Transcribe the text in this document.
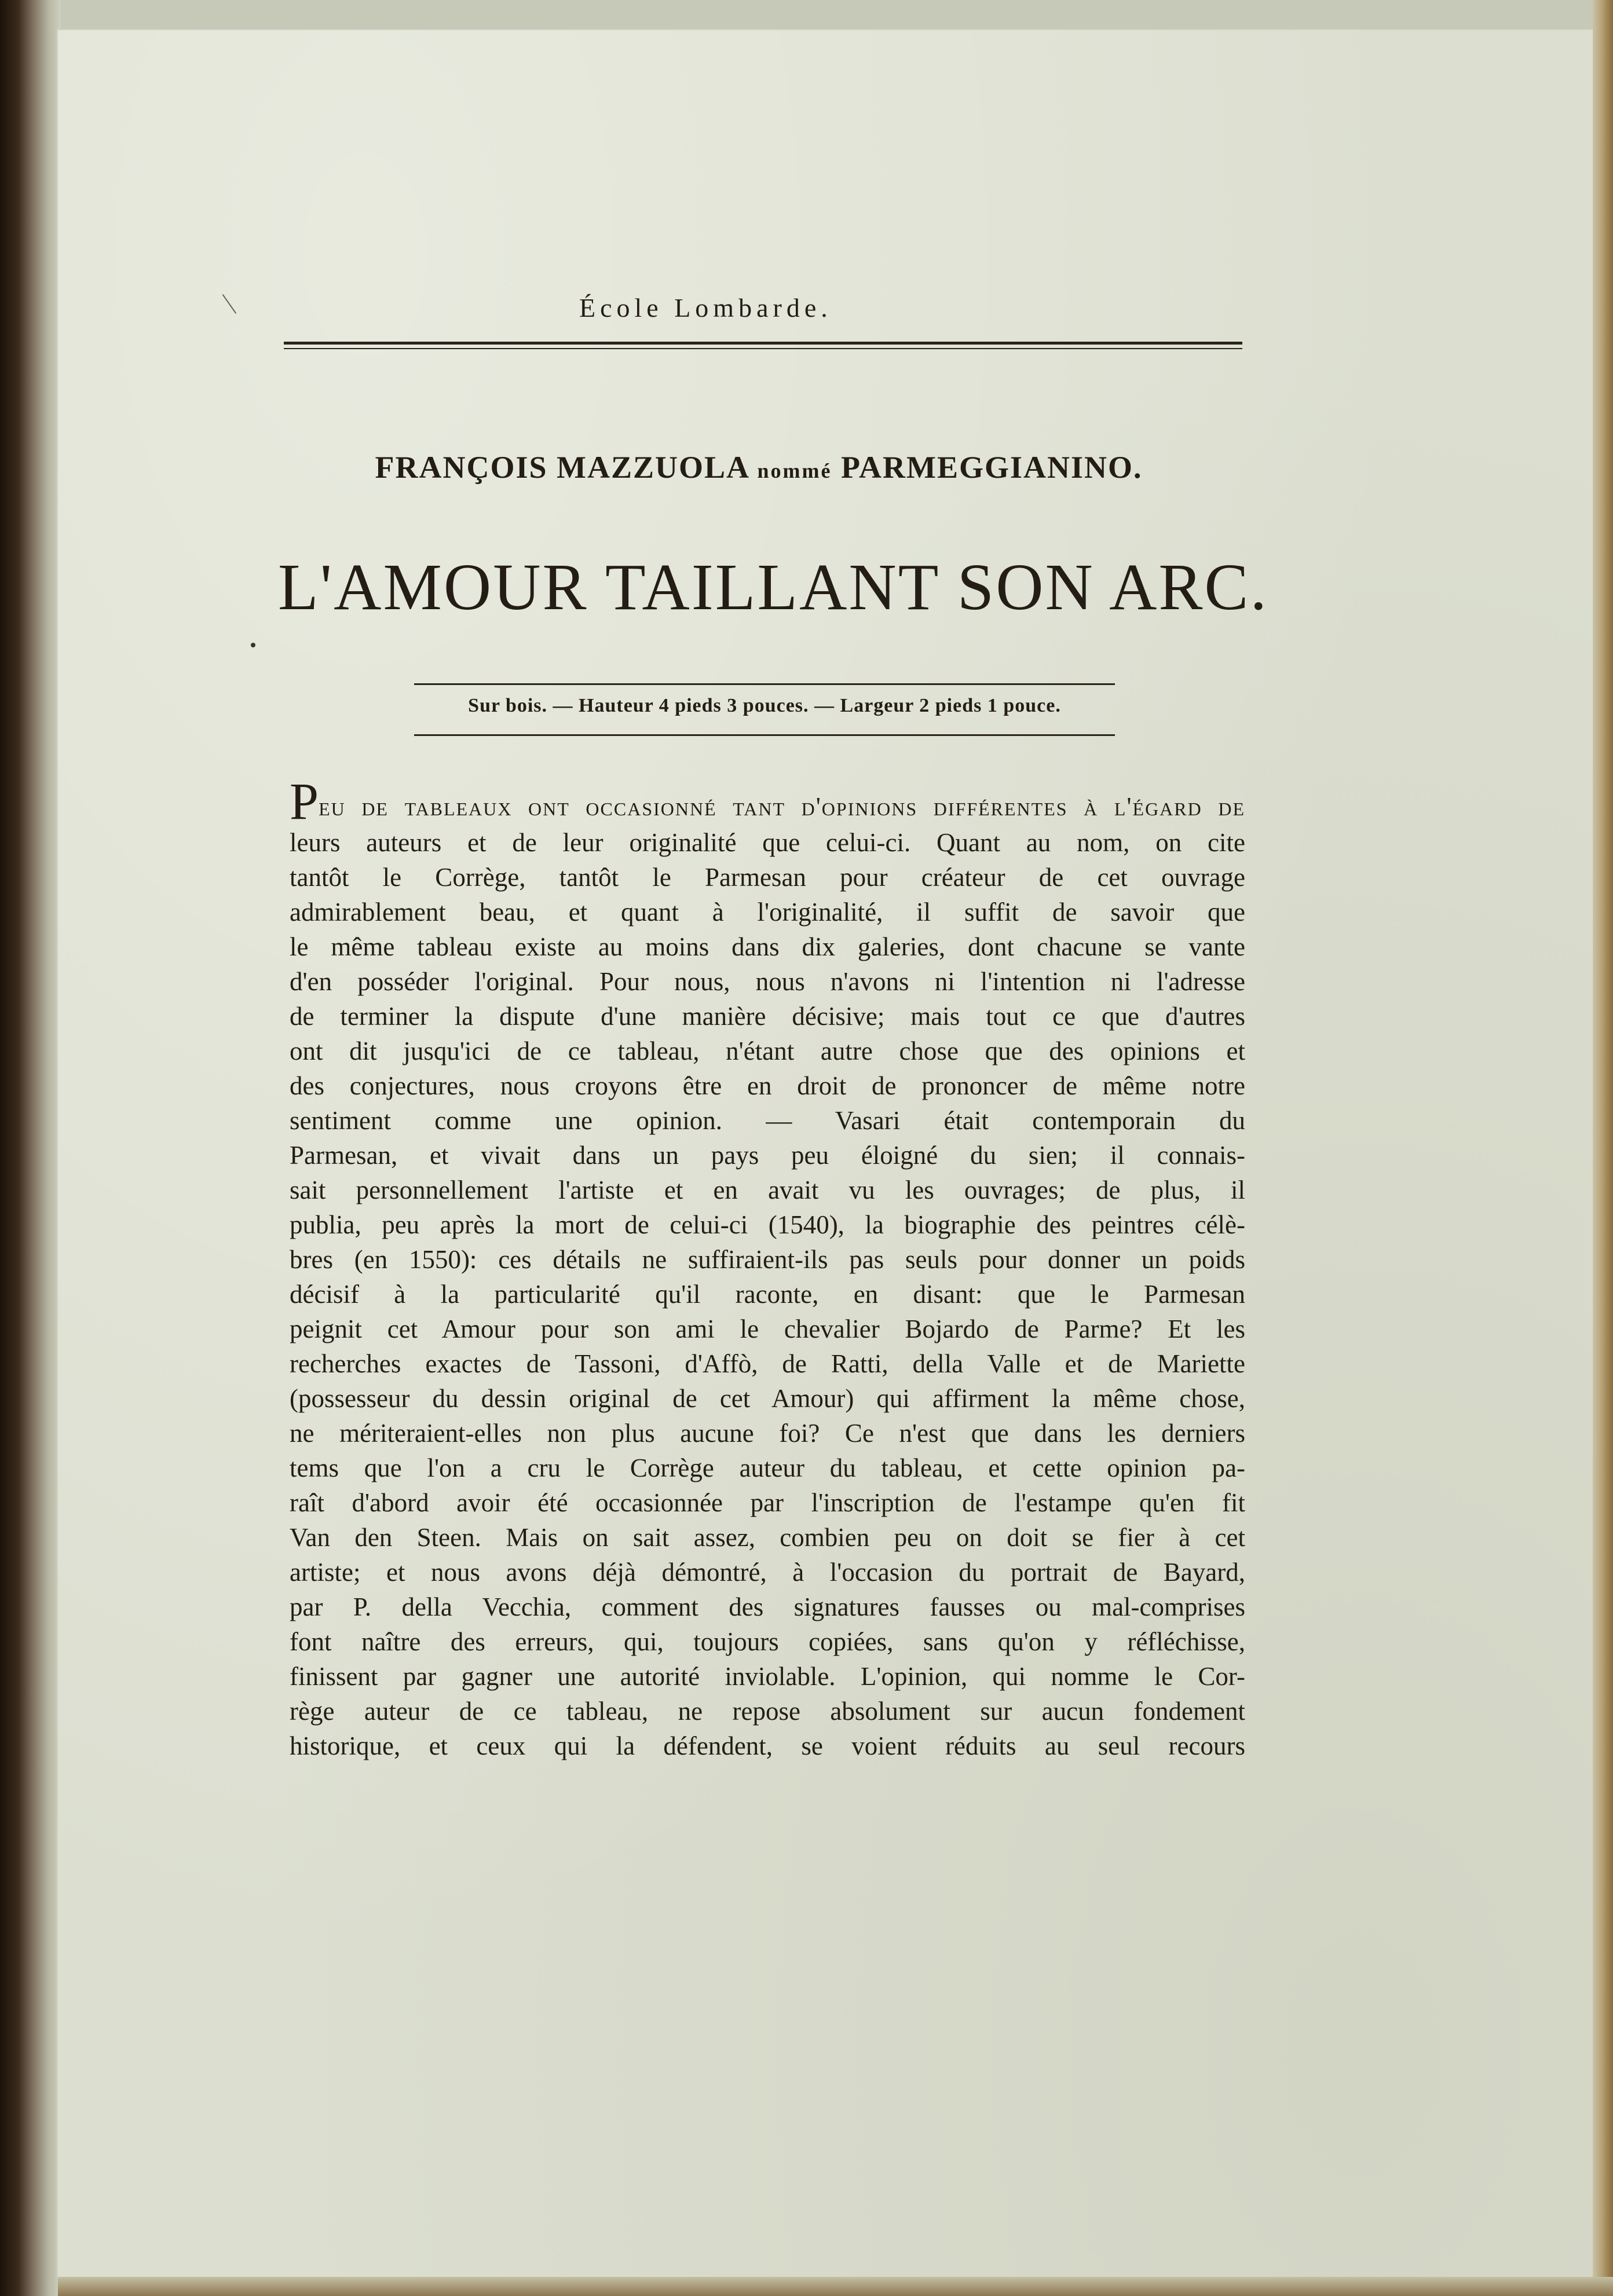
École Lombarde.
FRANÇOIS MAZZUOLA nommé PARMEGGIANINO.
L'AMOUR TAILLANT SON ARC.
Sur bois. — Hauteur 4 pieds 3 pouces. — Largeur 2 pieds 1 pouce.
Peu de tableaux ont occasionné tant d'opinions différentes à l'égard de
leurs auteurs et de leur originalité que celui-ci. Quant au nom, on cite
tantôt le Corrège, tantôt le Parmesan pour créateur de cet ouvrage
admirablement beau, et quant à l'originalité, il suffit de savoir que
le même tableau existe au moins dans dix galeries, dont chacune se vante
d'en posséder l'original. Pour nous, nous n'avons ni l'intention ni l'adresse
de terminer la dispute d'une manière décisive; mais tout ce que d'autres
ont dit jusqu'ici de ce tableau, n'étant autre chose que des opinions et
des conjectures, nous croyons être en droit de prononcer de même notre
sentiment comme une opinion. — Vasari était contemporain du
Parmesan, et vivait dans un pays peu éloigné du sien; il connais-
sait personnellement l'artiste et en avait vu les ouvrages; de plus, il
publia, peu après la mort de celui-ci (1540), la biographie des peintres célè-
bres (en 1550): ces détails ne suffiraient-ils pas seuls pour donner un poids
décisif à la particularité qu'il raconte, en disant: que le Parmesan
peignit cet Amour pour son ami le chevalier Bojardo de Parme? Et les
recherches exactes de Tassoni, d'Affò, de Ratti, della Valle et de Mariette
(possesseur du dessin original de cet Amour) qui affirment la même chose,
ne mériteraient-elles non plus aucune foi? Ce n'est que dans les derniers
tems que l'on a cru le Corrège auteur du tableau, et cette opinion pa-
raît d'abord avoir été occasionnée par l'inscription de l'estampe qu'en fit
Van den Steen. Mais on sait assez, combien peu on doit se fier à cet
artiste; et nous avons déjà démontré, à l'occasion du portrait de Bayard,
par P. della Vecchia, comment des signatures fausses ou mal-comprises
font naître des erreurs, qui, toujours copiées, sans qu'on y réfléchisse,
finissent par gagner une autorité inviolable. L'opinion, qui nomme le Cor-
rège auteur de ce tableau, ne repose absolument sur aucun fondement
historique, et ceux qui la défendent, se voient réduits au seul recours
